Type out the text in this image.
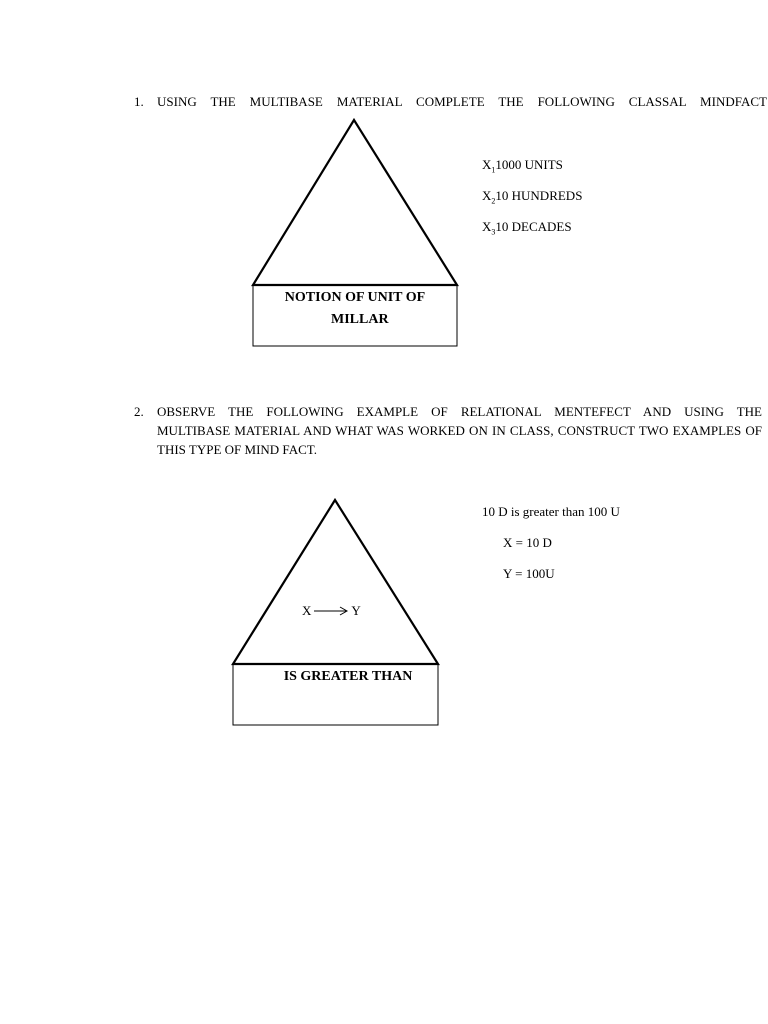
1. USING THE MULTIBASE MATERIAL COMPLETE THE FOLLOWING CLASSAL MINDFACT
NOTION OF UNIT OF
MILLAR
$X_11000$ UNITS
$X_210$ HUNDREDS
$X_310$ DECADES
2. OBSERVE THE FOLLOWING EXAMPLE OF RELATIONAL MENTEFECT AND USING THE
MULTIBASE MATERIAL AND WHAT WAS WORKED ON IN CLASS, CONSTRUCT TWO EXAMPLES OF
THIS TYPE OF MIND FACT.
X	Y
IS GREATER THAN
10 D is greater than 100 U
X = 10 D
Y = 100U
